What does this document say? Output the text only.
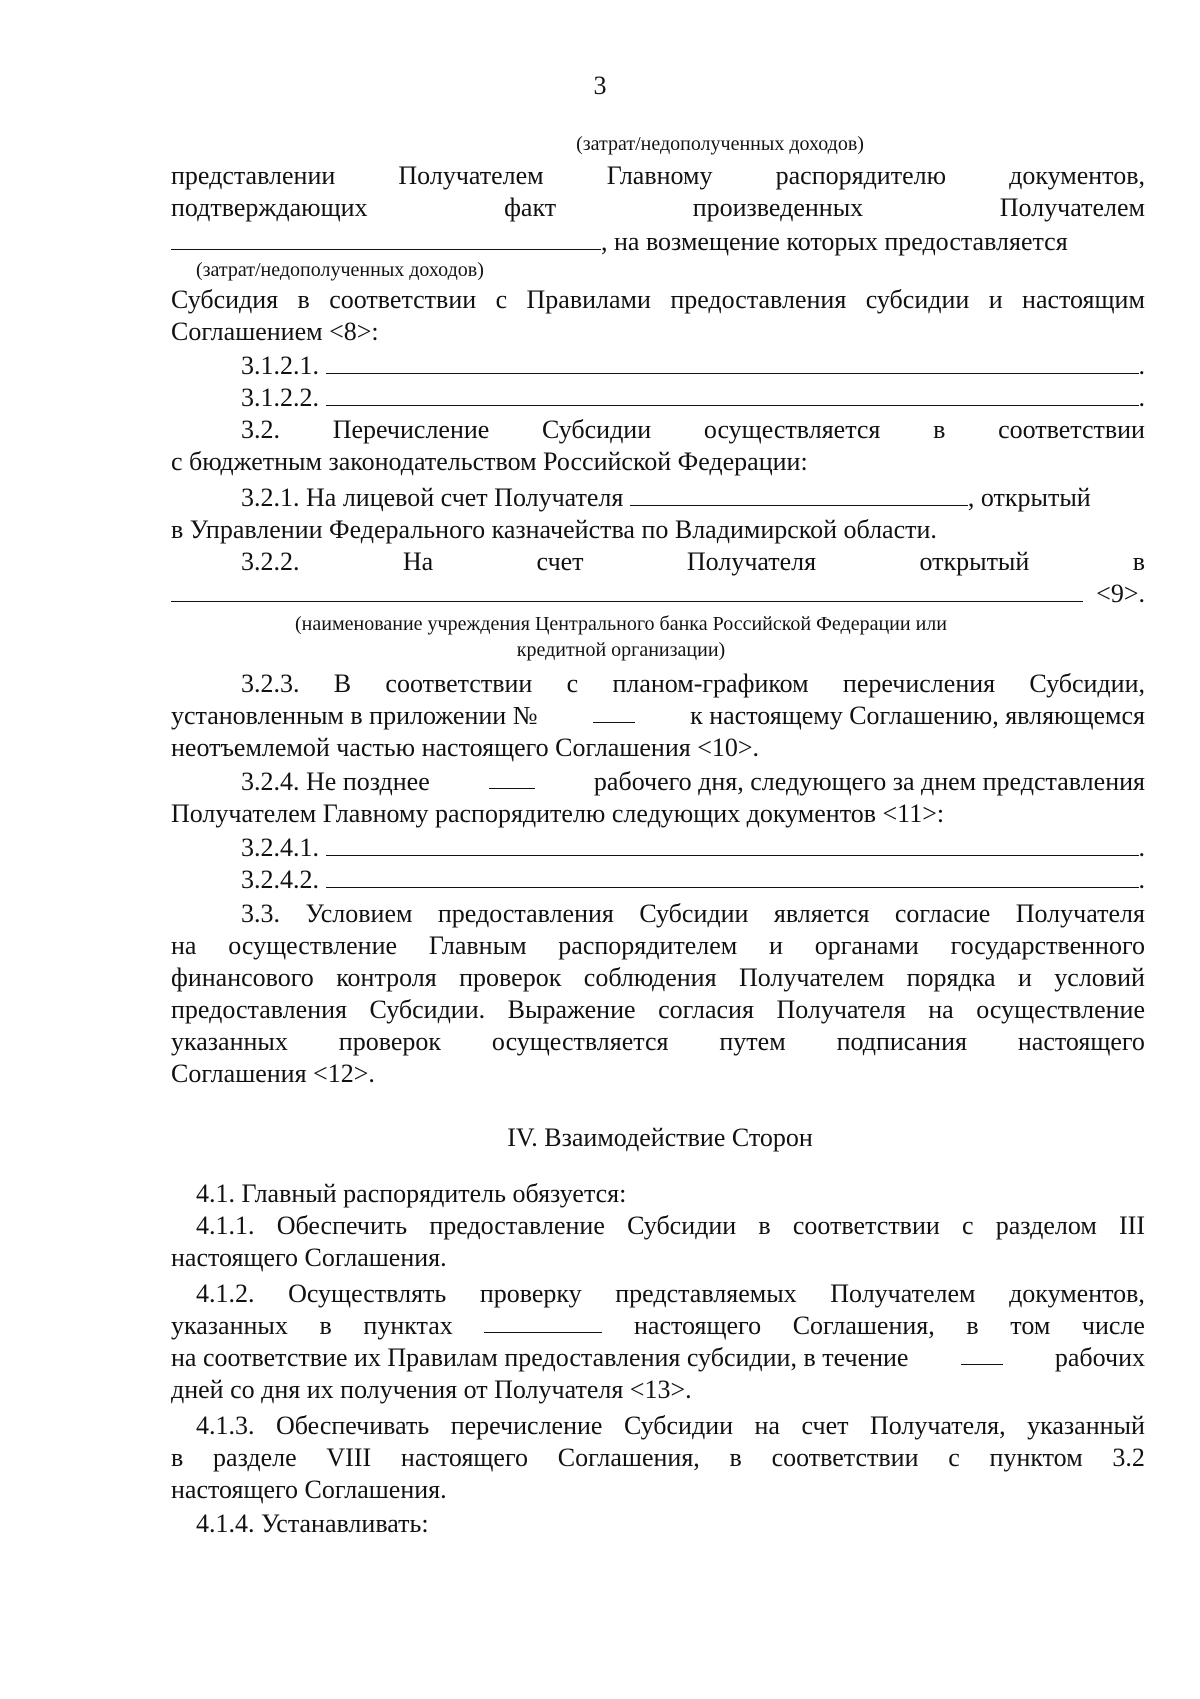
3
(затрат/недополученных доходов)
представлении Получателем Главному распорядителю документов,
подтверждающих	факт	произведенных	Получателем
, на возмещение которых предоставляется
(затрат/недополученных доходов)
Субсидия в соответствии с Правилами предоставления субсидии и настоящим
Соглашением <8>:
3.1.2.1.
	.
3.1.2.2.
	.
3.2. Перечисление Субсидии осуществляется в соответствии
с бюджетным законодательством Российской Федерации:
3.2.1. На лицевой счет Получателя	, открытый
в Управлении Федерального казначейства по Владимирской области.
3.2.2.	На	счет	Получателя	открытый	в

<9>.
(наименование учреждения Центрального банка Российской Федерации или
кредитной организации)
3.2.3. В соответствии с планом-графиком перечисления Субсидии,
установленным в приложении №	к настоящему Соглашению, являющемся
неотъемлемой частью настоящего Соглашения <10>.
3.2.4. Не позднее	рабочего дня, следующего за днем представления
Получателем Главному распорядителю следующих документов <11>:
3.2.4.1.
	.
3.2.4.2.
	.
3.3. Условием предоставления Субсидии является согласие Получателя
на осуществление Главным распорядителем и органами государственного
финансового контроля проверок соблюдения Получателем порядка и условий
предоставления Субсидии. Выражение согласия Получателя на осуществление
указанных проверок осуществляется путем подписания настоящего
Соглашения <12>.
IV. Взаимодействие Сторон
4.1. Главный распорядитель обязуется:
4.1.1. Обеспечить предоставление Субсидии в соответствии с разделом III
настоящего Соглашения.
4.1.2. Осуществлять проверку представляемых Получателем документов,
указанных в пунктах	настоящего Соглашения, в том числе
на соответствие их Правилам предоставления субсидии, в течение	рабочих
дней со дня их получения от Получателя <13>.
4.1.3. Обеспечивать перечисление Субсидии на счет Получателя, указанный
в разделе VIII настоящего Соглашения, в соответствии с пунктом 3.2
настоящего Соглашения.
4.1.4. Устанавливать:
